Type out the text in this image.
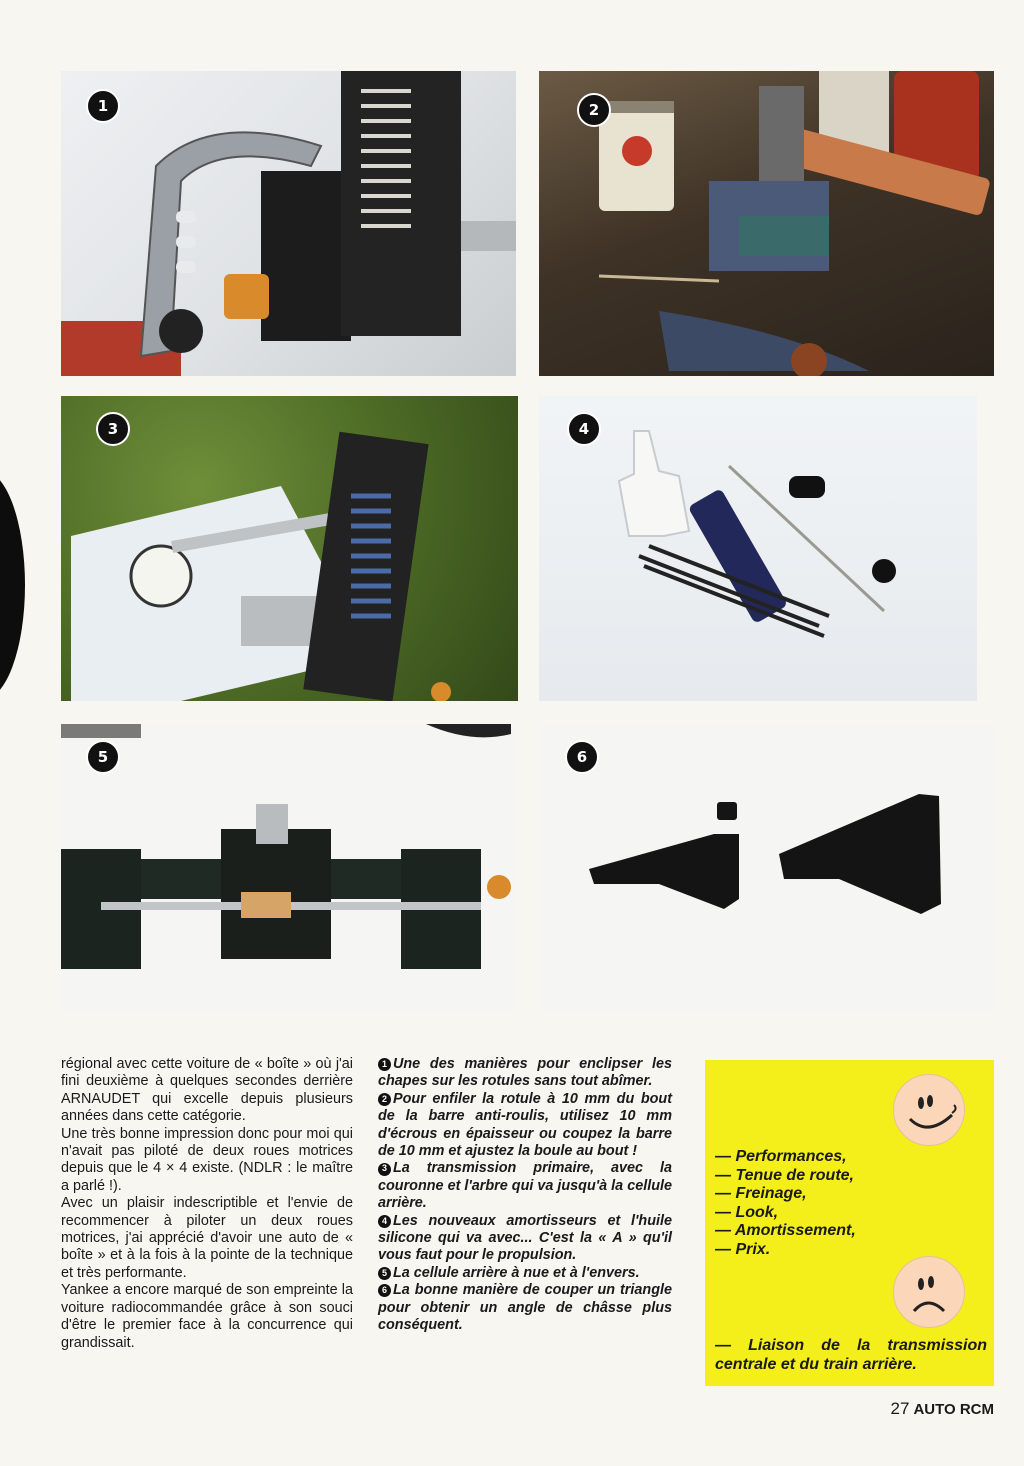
1	2
3	4
5	6

régional avec cette voiture de « boîte » où j'ai fini deuxième à quelques secondes derrière ARNAUDET qui excelle depuis plusieurs années dans cette catégorie.

Une très bonne impression donc pour moi qui n'avait pas piloté de deux roues motrices depuis que le 4 × 4 existe. (NDLR : le maître a parlé !).

Avec un plaisir indescriptible et l'envie de recommencer à piloter un deux roues motrices, j'ai apprécié d'avoir une auto de « boîte » et à la fois à la pointe de la technique et très performante.

Yankee a encore marqué de son empreinte la voiture radiocommandée grâce à son souci d'être le premier face à la concurrence qui grandissait.

1 Une des manières pour enclipser les chapes sur les rotules sans tout abîmer.
2 Pour enfiler la rotule à 10 mm du bout de la barre anti-roulis, utilisez 10 mm d'écrous en épaisseur ou coupez la barre de 10 mm et ajustez la boule au bout !
3 La transmission primaire, avec la couronne et l'arbre qui va jusqu'à la cellule arrière.
4 Les nouveaux amortisseurs et l'huile silicone qui va avec... C'est la « A » qu'il vous faut pour le propulsion.
5 La cellule arrière à nue et à l'envers.
6 La bonne manière de couper un triangle pour obtenir un angle de châsse plus conséquent.
— Performances,
— Tenue de route,
— Freinage,
— Look,
— Amortissement,
— Prix.
— Liaison de la transmission centrale et du train arrière.
27 AUTO RCM
